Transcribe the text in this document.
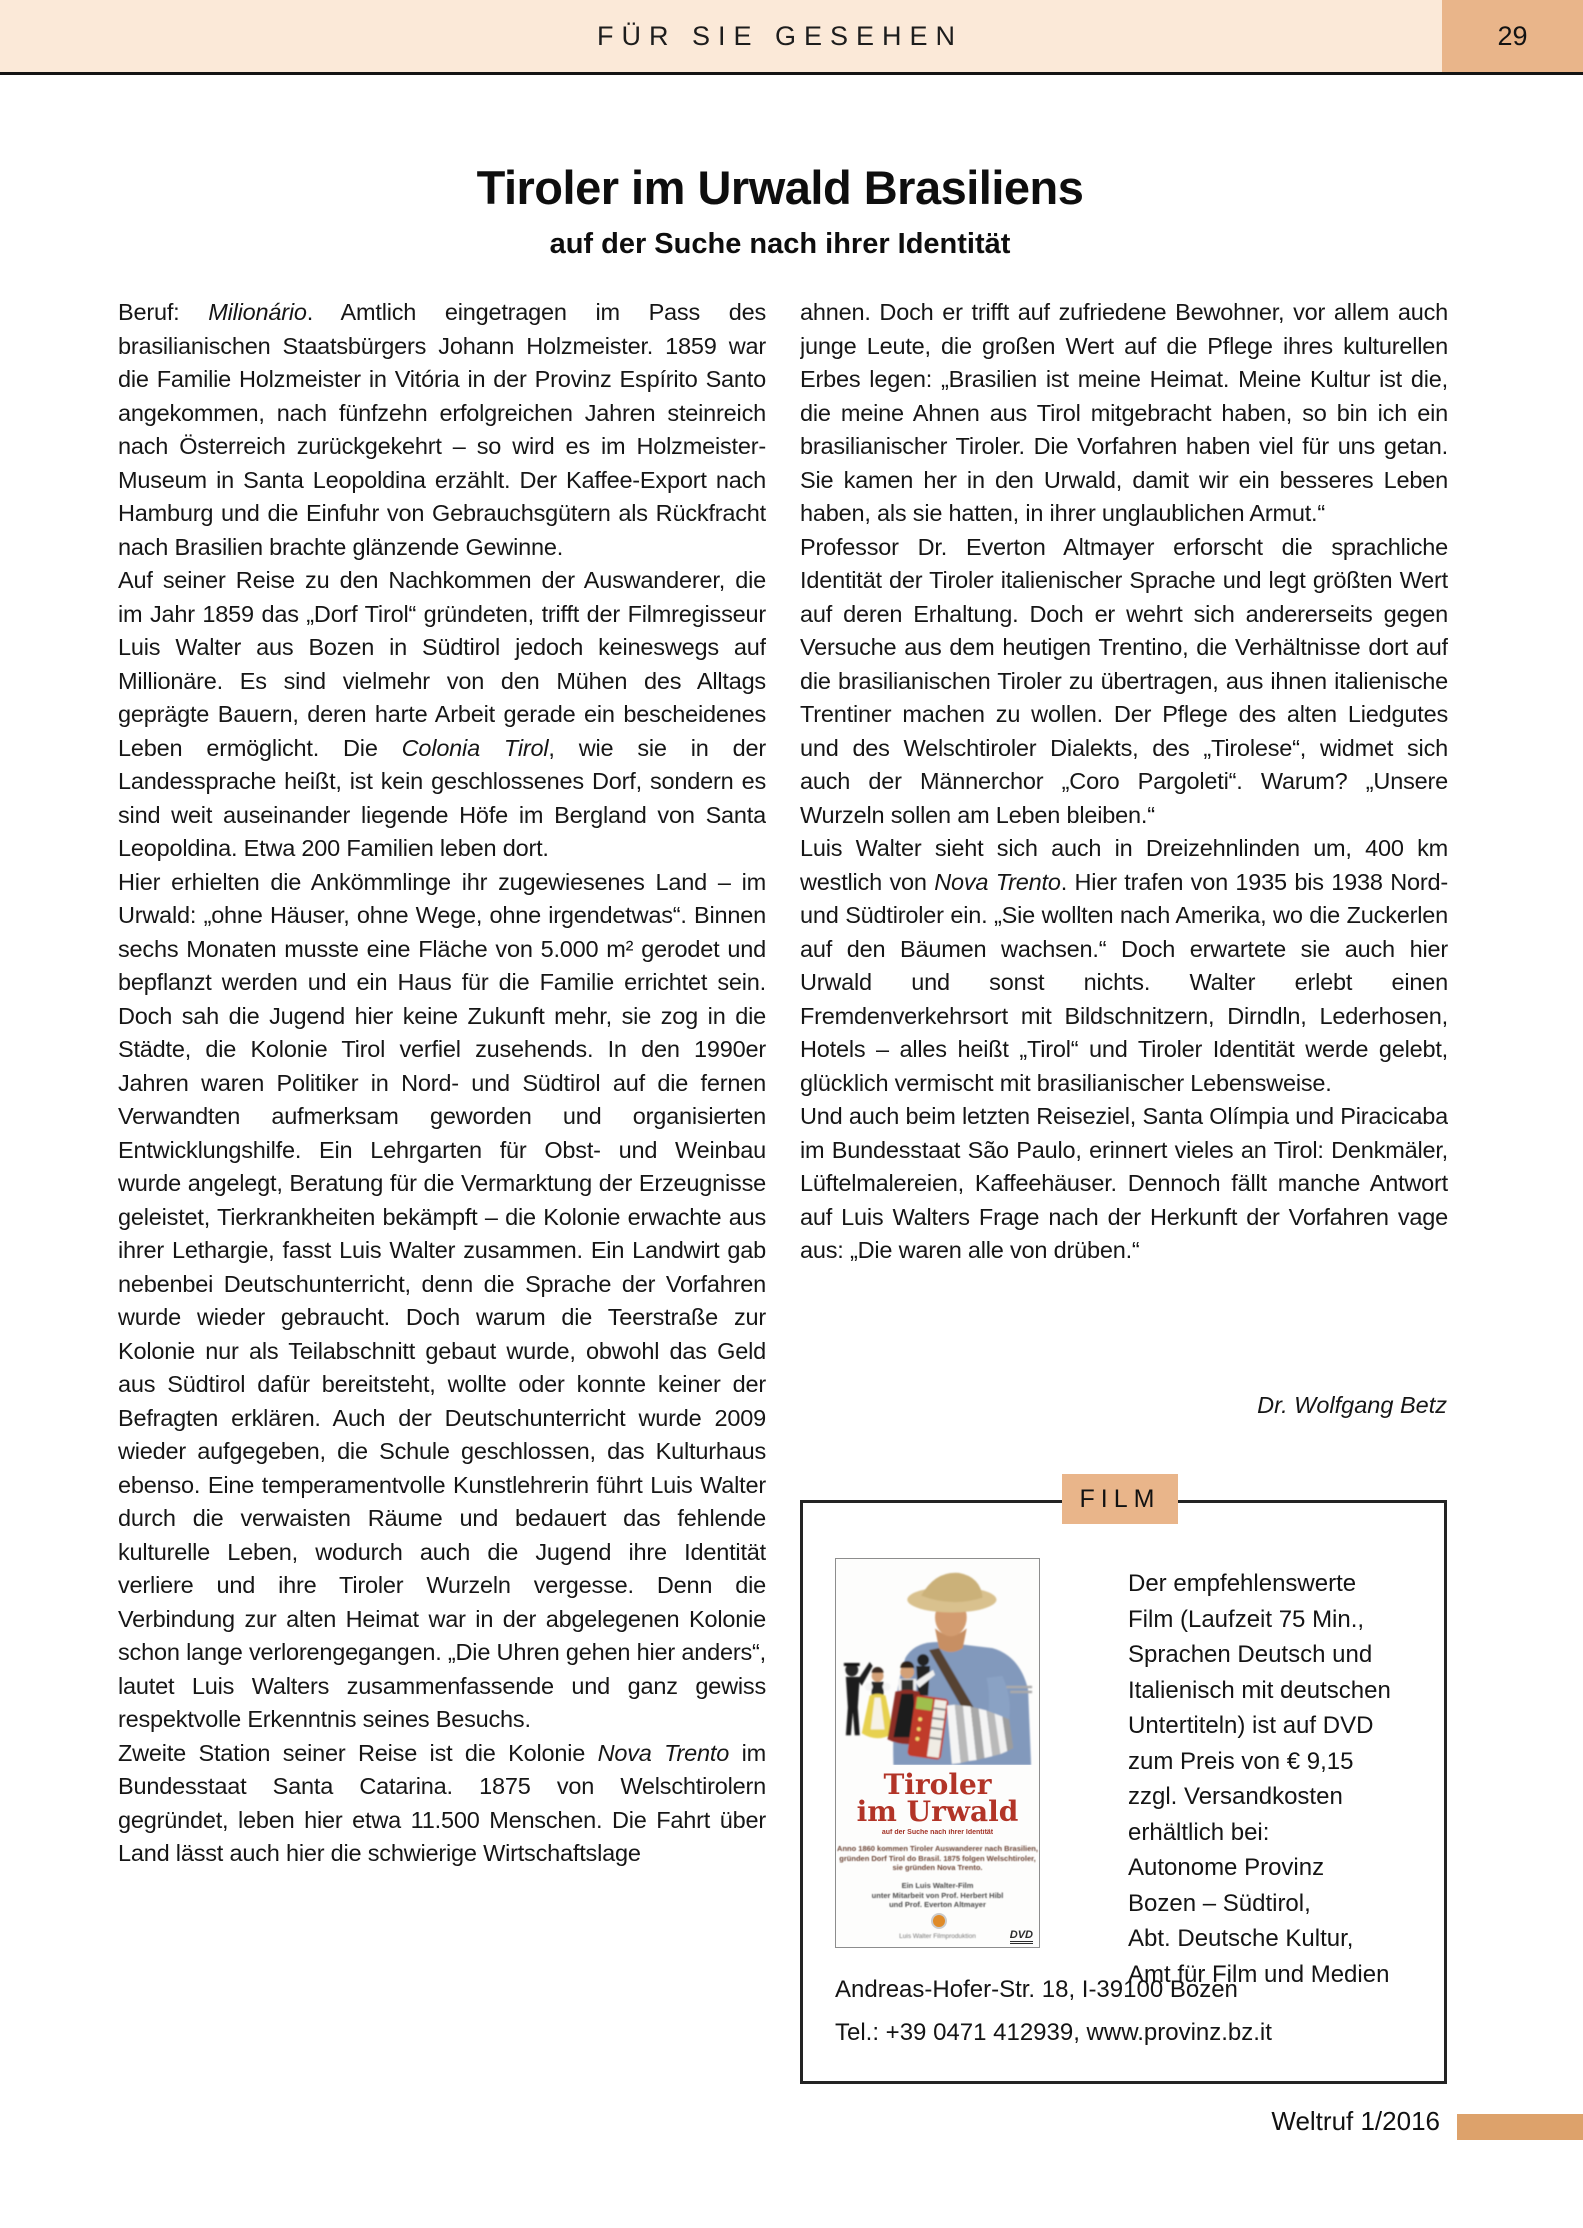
FÜR SIE GESEHEN	29
Tiroler im Urwald Brasiliens
auf der Suche nach ihrer Identität

Beruf: Milionário. Amtlich eingetragen im Pass des brasilianischen Staatsbürgers Johann Holzmeister. 1859 war die Familie Holzmeister in Vitória in der Provinz Espírito Santo angekommen, nach fünfzehn erfolgreichen Jahren steinreich nach Österreich zurückgekehrt – so wird es im Holzmeister-Museum in Santa Leopoldina erzählt. Der Kaffee-Export nach Hamburg und die Einfuhr von Gebrauchsgütern als Rückfracht nach Brasilien brachte glänzende Gewinne.

Auf seiner Reise zu den Nachkommen der Auswanderer, die im Jahr 1859 das „Dorf Tirol“ gründeten, trifft der Filmregisseur Luis Walter aus Bozen in Südtirol jedoch keineswegs auf Millionäre. Es sind vielmehr von den Mühen des Alltags geprägte Bauern, deren harte Arbeit gerade ein bescheidenes Leben ermöglicht. Die Colonia Tirol, wie sie in der Landessprache heißt, ist kein geschlossenes Dorf, sondern es sind weit auseinander liegende Höfe im Bergland von Santa Leopoldina. Etwa 200 Familien leben dort.

Hier erhielten die Ankömmlinge ihr zugewiesenes Land – im Urwald: „ohne Häuser, ohne Wege, ohne irgendetwas“. Binnen sechs Monaten musste eine Fläche von 5.000 m² gerodet und bepflanzt werden und ein Haus für die Familie errichtet sein. Doch sah die Jugend hier keine Zukunft mehr, sie zog in die Städte, die Kolonie Tirol verfiel zusehends. In den 1990er Jahren waren Politiker in Nord- und Südtirol auf die fernen Verwandten aufmerksam geworden und organisierten Entwicklungshilfe. Ein Lehrgarten für Obst- und Weinbau wurde angelegt, Beratung für die Vermarktung der Erzeugnisse geleistet, Tierkrankheiten bekämpft – die Kolonie erwachte aus ihrer Lethargie, fasst Luis Walter zusammen. Ein Landwirt gab nebenbei Deutschunterricht, denn die Sprache der Vorfahren wurde wieder gebraucht. Doch warum die Teerstraße zur Kolonie nur als Teilabschnitt gebaut wurde, obwohl das Geld aus Südtirol dafür bereitsteht, wollte oder konnte keiner der Befragten erklären. Auch der Deutschunterricht wurde 2009 wieder aufgegeben, die Schule geschlossen, das Kulturhaus ebenso. Eine temperamentvolle Kunstlehrerin führt Luis Walter durch die verwaisten Räume und bedauert das fehlende kulturelle Leben, wodurch auch die Jugend ihre Identität verliere und ihre Tiroler Wurzeln vergesse. Denn die Verbindung zur alten Heimat war in der abgelegenen Kolonie schon lange verlorengegangen. „Die Uhren gehen hier anders“, lautet Luis Walters zusammenfassende und ganz gewiss respektvolle Erkenntnis seines Besuchs.

Zweite Station seiner Reise ist die Kolonie Nova Trento im Bundesstaat Santa Catarina. 1875 von Welschtirolern gegründet, leben hier etwa 11.500 Menschen. Die Fahrt über Land lässt auch hier die schwierige Wirtschaftslage

ahnen. Doch er trifft auf zufriedene Bewohner, vor allem auch junge Leute, die großen Wert auf die Pflege ihres kulturellen Erbes legen: „Brasilien ist meine Heimat. Meine Kultur ist die, die meine Ahnen aus Tirol mitgebracht haben, so bin ich ein brasilianischer Tiroler. Die Vorfahren haben viel für uns getan. Sie kamen her in den Urwald, damit wir ein besseres Leben haben, als sie hatten, in ihrer unglaublichen Armut.“

Professor Dr. Everton Altmayer erforscht die sprachliche Identität der Tiroler italienischer Sprache und legt größten Wert auf deren Erhaltung. Doch er wehrt sich andererseits gegen Versuche aus dem heutigen Trentino, die Verhältnisse dort auf die brasilianischen Tiroler zu übertragen, aus ihnen italienische Trentiner machen zu wollen. Der Pflege des alten Liedgutes und des Welschtiroler Dialekts, des „Tirolese“, widmet sich auch der Männerchor „Coro Pargoleti“. Warum? „Unsere Wurzeln sollen am Leben bleiben.“

Luis Walter sieht sich auch in Dreizehnlinden um, 400 km westlich von Nova Trento. Hier trafen von 1935 bis 1938 Nord- und Südtiroler ein. „Sie wollten nach Amerika, wo die Zuckerlen auf den Bäumen wachsen.“ Doch erwartete sie auch hier Urwald und sonst nichts. Walter erlebt einen Fremdenverkehrsort mit Bildschnitzern, Dirndln, Lederhosen, Hotels – alles heißt „Tirol“ und Tiroler Identität werde gelebt, glücklich vermischt mit brasilianischer Lebensweise.

Und auch beim letzten Reiseziel, Santa Olímpia und Piracicaba im Bundesstaat São Paulo, erinnert vieles an Tirol: Denkmäler, Lüftelmalereien, Kaffeehäuser. Dennoch fällt manche Antwort auf Luis Walters Frage nach der Herkunft der Vorfahren vage aus: „Die waren alle von drüben.“

Dr. Wolfgang Betz
FILM
Tiroler
im Urwald
auf der Suche nach ihrer Identität
Anno 1860 kommen Tiroler Auswanderer nach Brasilien,
gründen Dorf Tirol do Brasil. 1875 folgen Welschtiroler,
sie gründen Nova Trento.
Ein Luis Walter-Film
unter Mitarbeit von Prof. Herbert Hibl
und Prof. Everton Altmayer
Luis Walter Filmproduktion	DVD
Der empfehlenswerte
Film (Laufzeit 75 Min.,
Sprachen Deutsch und
Italienisch mit deutschen
Untertiteln) ist auf DVD
zum Preis von € 9,15
zzgl. Versandkosten
erhältlich bei:
Autonome Provinz
Bozen – Südtirol,
Abt. Deutsche Kultur,
Amt für Film und Medien
Andreas-Hofer-Str. 18, I-39100 Bozen
Tel.: +39 0471 412939, www.provinz.bz.it
Weltruf 1/2016
